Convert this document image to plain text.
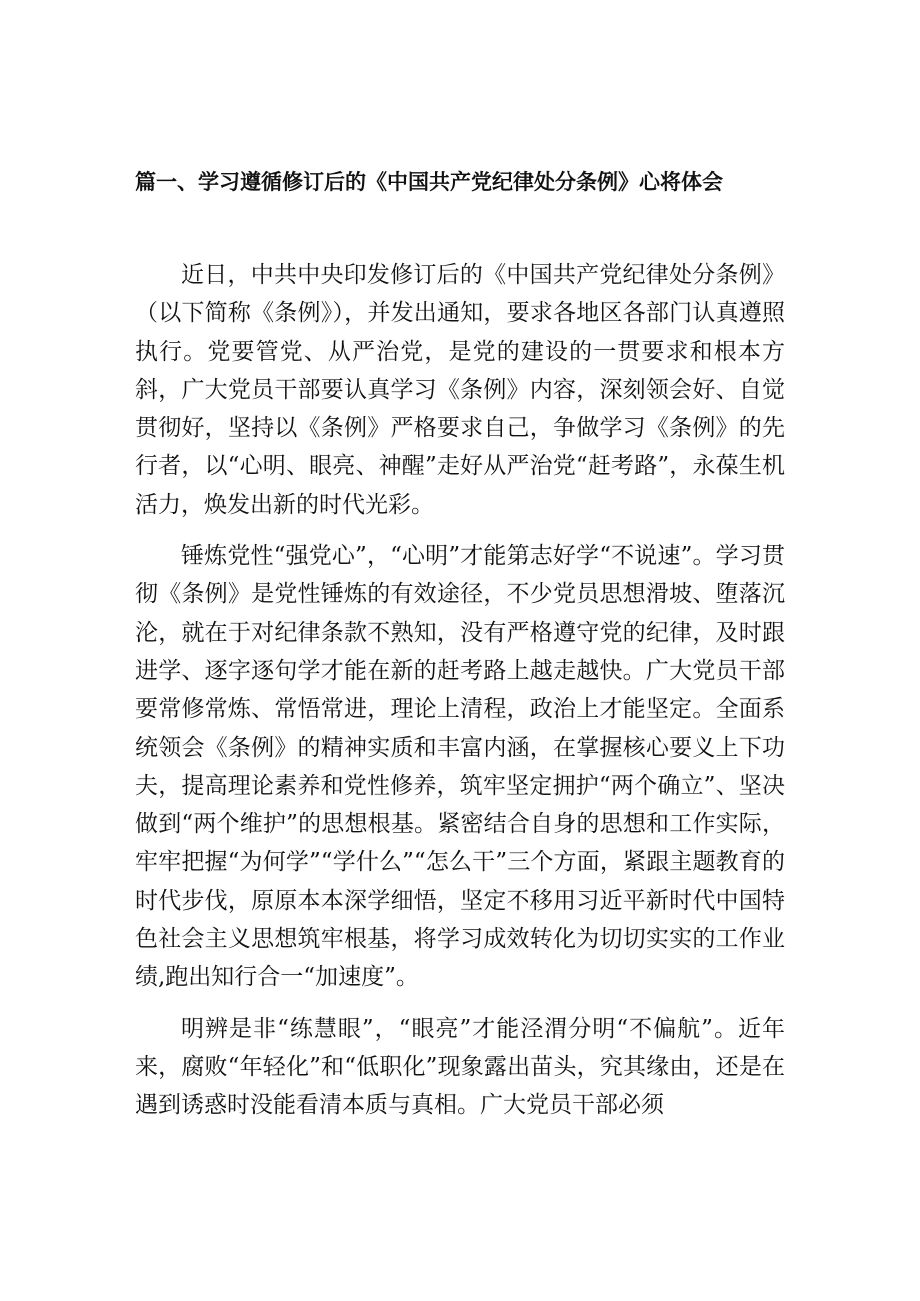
篇一、学习遵循修订后的《中国共产党纪律处分条例》心将体会

近日，中共中央印发修订后的《中国共产党纪律处分条例》（以下简称《条例》），并发出通知，要求各地区各部门认真遵照执行。党要管党、从严治党，是党的建设的一贯要求和根本方斜，广大党员干部要认真学习《条例》内容，深刻领会好、自觉贯彻好，坚持以《条例》严格要求自己，争做学习《条例》的先行者，以“心明、眼亮、神醒”走好从严治党“赶考路”，永葆生机活力，焕发出新的时代光彩。

锤炼党性“强党心”，“心明”才能第志好学“不说速”。学习贯彻《条例》是党性锤炼的有效途径，不少党员思想滑坡、堕落沉沦，就在于对纪律条款不熟知，没有严格遵守党的纪律，及时跟进学、逐字逐句学才能在新的赶考路上越走越快。广大党员干部要常修常炼、常悟常进，理论上清程，政治上才能坚定。全面系统领会《条例》的精神实质和丰富内涵，在掌握核心要义上下功夫，提高理论素养和党性修养，筑牢坚定拥护“两个确立”、坚决做到“两个维护”的思想根基。紧密结合自身的思想和工作实际，牢牢把握“为何学”“学什么”“怎么干”三个方面，紧跟主题教育的时代步伐，原原本本深学细悟，坚定不移用习近平新时代中国特色社会主义思想筑牢根基，将学习成效转化为切切实实的工作业绩,跑出知行合一“加速度”。

明辨是非“练慧眼”，“眼亮”才能泾渭分明“不偏航”。近年来，腐败“年轻化”和“低职化”现象露出苗头，究其缘由，还是在遇到诱惑时没能看清本质与真相。广大党员干部必须
